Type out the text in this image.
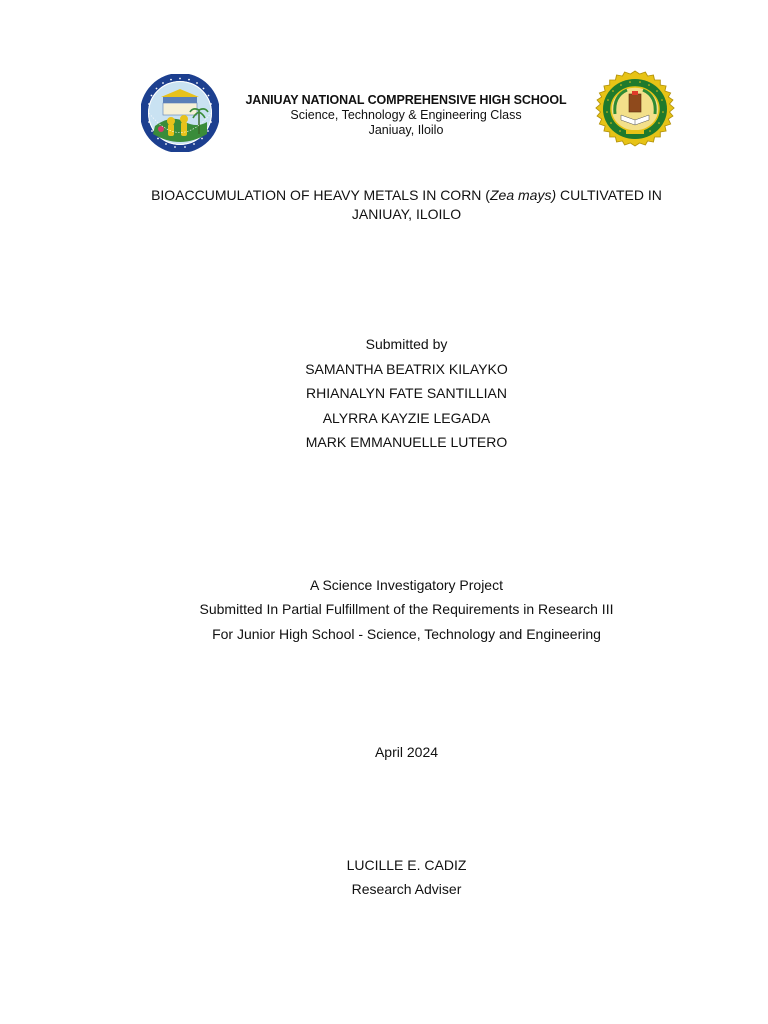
JANIUAY NATIONAL COMPREHENSIVE HIGH SCHOOL
Science, Technology & Engineering Class
Janiuay, Iloilo
BIOACCUMULATION OF HEAVY METALS IN CORN (Zea mays) CULTIVATED IN JANIUAY, ILOILO
Submitted by
SAMANTHA BEATRIX KILAYKO
RHIANALYN FATE SANTILLIAN
ALYRRA KAYZIE LEGADA
MARK EMMANUELLE LUTERO
A Science Investigatory Project
Submitted In Partial Fulfillment of the Requirements in Research III
For Junior High School - Science, Technology and Engineering
April 2024
LUCILLE E. CADIZ
Research Adviser
